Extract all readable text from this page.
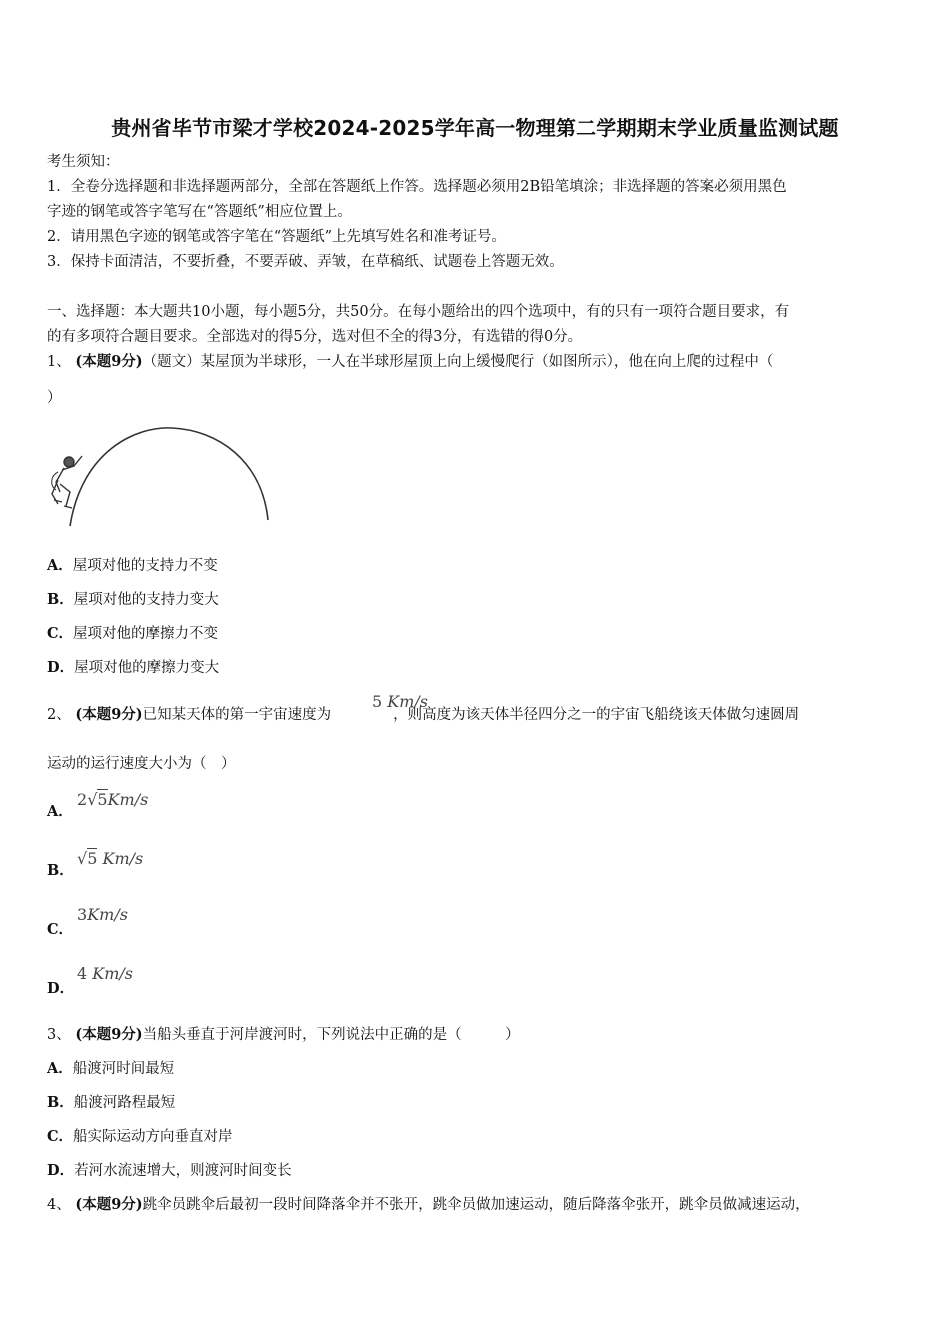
贵州省毕节市梁才学校2024-2025学年高一物理第二学期期末学业质量监测试题
考生须知：
1．全卷分选择题和非选择题两部分，全部在答题纸上作答。选择题必须用2B铅笔填涂；非选择题的答案必须用黑色
字迹的钢笔或答字笔写在“答题纸”相应位置上。
2．请用黑色字迹的钢笔或答字笔在“答题纸”上先填写姓名和准考证号。
3．保持卡面清洁，不要折叠，不要弄破、弄皱，在草稿纸、试题卷上答题无效。
一、选择题：本大题共10小题，每小题5分，共50分。在每小题给出的四个选项中，有的只有一项符合题目要求，有
的有多项符合题目要求。全部选对的得5分，选对但不全的得3分，有选错的得0分。
1、 (本题9分)（题文）某屋顶为半球形，一人在半球形屋顶上向上缓慢爬行（如图所示），他在向上爬的过程中（
）
A．屋项对他的支持力不变
B．屋项对他的支持力变大
C．屋项对他的摩擦力不变
D．屋项对他的摩擦力变大
2、 (本题9分)已知某天体的第一宇宙速度为	，则高度为该天体半径四分之一的宇宙飞船绕该天体做匀速圆周
5 Km/s
运动的运行速度大小为（　）
A．
2√5Km/s
B．
√5 Km/s
C．
3Km/s
D．
4 Km/s
3、 (本题9分)当船头垂直于河岸渡河时，下列说法中正确的是（　　　）
A．船渡河时间最短
B．船渡河路程最短
C．船实际运动方向垂直对岸
D．若河水流速增大，则渡河时间变长
4、 (本题9分)跳伞员跳伞后最初一段时间降落伞并不张开，跳伞员做加速运动，随后降落伞张开，跳伞员做减速运动，
